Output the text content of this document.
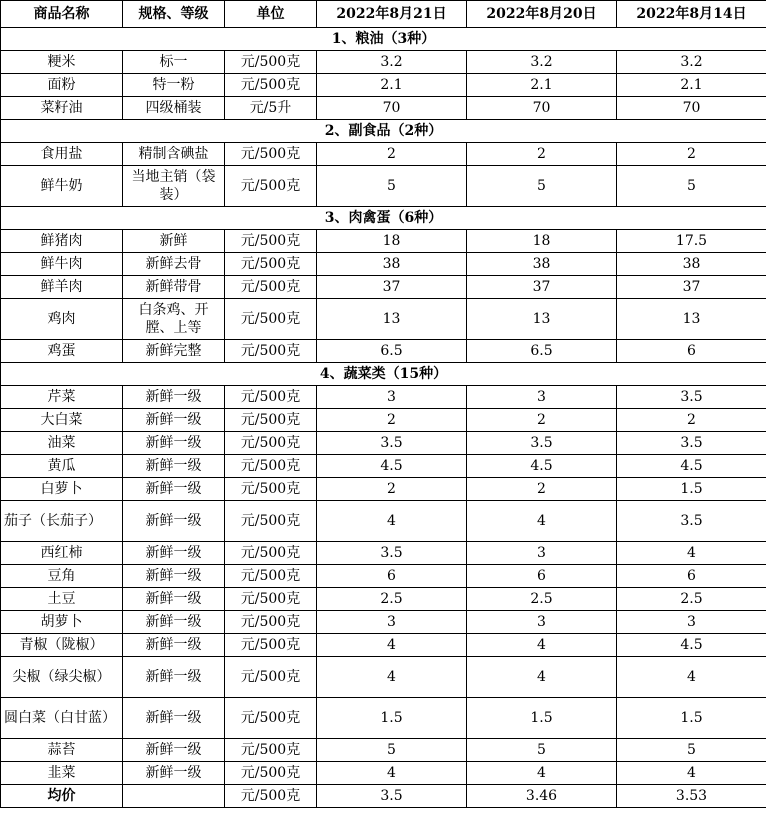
商品名称	规格、等级	单位	2022年8月21日	2022年8月20日	2022年8月14日
1、粮油（3种）					
粳米	标一	元/500克	3.2	3.2	3.2
面粉	特一粉	元/500克	2.1	2.1	2.1
菜籽油	四级桶装	元/5升	70	70	70
2、副食品（2种）					
食用盐	精制含碘盐	元/500克	2	2	2
鲜牛奶	当地主销（袋装）	元/500克	5	5	5
3、肉禽蛋（6种）					
鲜猪肉	新鲜	元/500克	18	18	17.5
鲜牛肉	新鲜去骨	元/500克	38	38	38
鲜羊肉	新鲜带骨	元/500克	37	37	37
鸡肉	白条鸡、开膛、上等	元/500克	13	13	13
鸡蛋	新鲜完整	元/500克	6.5	6.5	6
4、蔬菜类（15种）					
芹菜	新鲜一级	元/500克	3	3	3.5
大白菜	新鲜一级	元/500克	2	2	2
油菜	新鲜一级	元/500克	3.5	3.5	3.5
黄瓜	新鲜一级	元/500克	4.5	4.5	4.5
白萝卜	新鲜一级	元/500克	2	2	1.5
茄子（长茄子）	新鲜一级	元/500克	4	4	3.5
西红柿	新鲜一级	元/500克	3.5	3	4
豆角	新鲜一级	元/500克	6	6	6
土豆	新鲜一级	元/500克	2.5	2.5	2.5
胡萝卜	新鲜一级	元/500克	3	3	3
青椒（陇椒）	新鲜一级	元/500克	4	4	4.5
尖椒（绿尖椒）	新鲜一级	元/500克	4	4	4
圆白菜（白甘蓝）	新鲜一级	元/500克	1.5	1.5	1.5
蒜苔	新鲜一级	元/500克	5	5	5
韭菜	新鲜一级	元/500克	4	4	4
均价		元/500克	3.5	3.46	3.53
